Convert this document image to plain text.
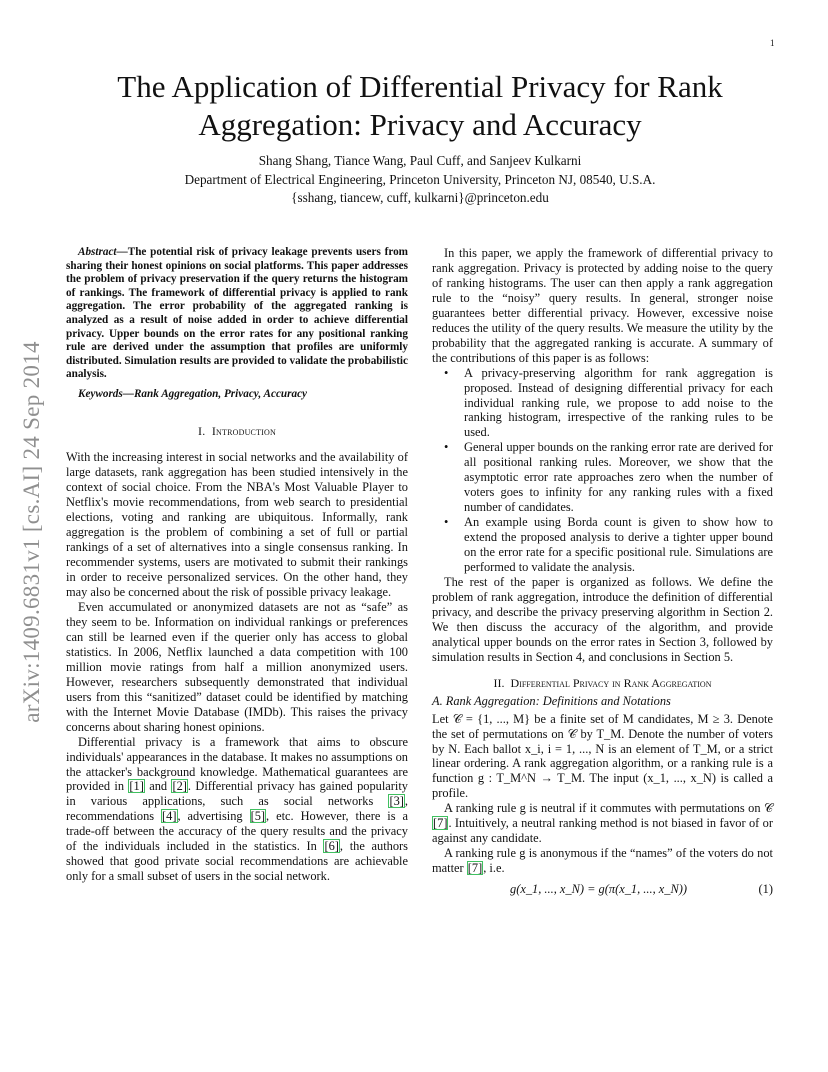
1
arXiv:1409.6831v1 [cs.AI] 24 Sep 2014
The Application of Differential Privacy for Rank Aggregation: Privacy and Accuracy
Shang Shang, Tiance Wang, Paul Cuff, and Sanjeev Kulkarni
Department of Electrical Engineering, Princeton University, Princeton NJ, 08540, U.S.A.
{sshang, tiancew, cuff, kulkarni}@princeton.edu

Abstract—The potential risk of privacy leakage prevents users from sharing their honest opinions on social platforms. This paper addresses the problem of privacy preservation if the query returns the histogram of rankings. The framework of differential privacy is applied to rank aggregation. The error probability of the aggregated ranking is analyzed as a result of noise added in order to achieve differential privacy. Upper bounds on the error rates for any positional ranking rule are derived under the assumption that profiles are uniformly distributed. Simulation results are provided to validate the probabilistic analysis.

Keywords—Rank Aggregation, Privacy, Accuracy

I. Introduction

With the increasing interest in social networks and the availability of large datasets, rank aggregation has been studied intensively in the context of social choice. From the NBA's Most Valuable Player to Netflix's movie recommendations, from web search to presidential elections, voting and ranking are ubiquitous. Informally, rank aggregation is the problem of combining a set of full or partial rankings of a set of alternatives into a single consensus ranking. In recommender systems, users are motivated to submit their rankings in order to receive personalized services. On the other hand, they may also be concerned about the risk of possible privacy leakage.

Even accumulated or anonymized datasets are not as “safe” as they seem to be. Information on individual rankings or preferences can still be learned even if the querier only has access to global statistics. In 2006, Netflix launched a data competition with 100 million movie ratings from half a million anonymized users. However, researchers subsequently demonstrated that individual users from this “sanitized” dataset could be identified by matching with the Internet Movie Database (IMDb). This raises the privacy concerns about sharing honest opinions.

Differential privacy is a framework that aims to obscure individuals' appearances in the database. It makes no assumptions on the attacker's background knowledge. Mathematical guarantees are provided in [1] and [2]. Differential privacy has gained popularity in various applications, such as social networks [3], recommendations [4], advertising [5], etc. However, there is a trade-off between the accuracy of the query results and the privacy of the individuals included in the statistics. In [6], the authors showed that good private social recommendations are achievable only for a small subset of users in the social network.

In this paper, we apply the framework of differential privacy to rank aggregation. Privacy is protected by adding noise to the query of ranking histograms. The user can then apply a rank aggregation rule to the “noisy” query results. In general, stronger noise guarantees better differential privacy. However, excessive noise reduces the utility of the query results. We measure the utility by the probability that the aggregated ranking is accurate. A summary of the contributions of this paper is as follows:

• A privacy-preserving algorithm for rank aggregation is proposed. Instead of designing differential privacy for each individual ranking rule, we propose to add noise to the ranking histogram, irrespective of the ranking rules to be used.
• General upper bounds on the ranking error rate are derived for all positional ranking rules. Moreover, we show that the asymptotic error rate approaches zero when the number of voters goes to infinity for any ranking rules with a fixed number of candidates.
• An example using Borda count is given to show how to extend the proposed analysis to derive a tighter upper bound on the error rate for a specific positional rule. Simulations are performed to validate the analysis.

The rest of the paper is organized as follows. We define the problem of rank aggregation, introduce the definition of differential privacy, and describe the privacy preserving algorithm in Section 2. We then discuss the accuracy of the algorithm, and provide analytical upper bounds on the error rates in Section 3, followed by simulation results in Section 4, and conclusions in Section 5.

II. Differential Privacy in Rank Aggregation
A. Rank Aggregation: Definitions and Notations

Let 𝒞 = {1, ..., M} be a finite set of M candidates, M ≥ 3. Denote the set of permutations on 𝒞 by T_M. Denote the number of voters by N. Each ballot x_i, i = 1, ..., N is an element of T_M, or a strict linear ordering. A rank aggregation algorithm, or a ranking rule is a function g : T_M^N → T_M. The input (x_1, ..., x_N) is called a profile.

A ranking rule g is neutral if it commutes with permutations on 𝒞 [7]. Intuitively, a neutral ranking method is not biased in favor of or against any candidate.

A ranking rule g is anonymous if the “names” of the voters do not matter [7], i.e.

g(x_1, ..., x_N) = g(π(x_1, ..., x_N))	(1)
